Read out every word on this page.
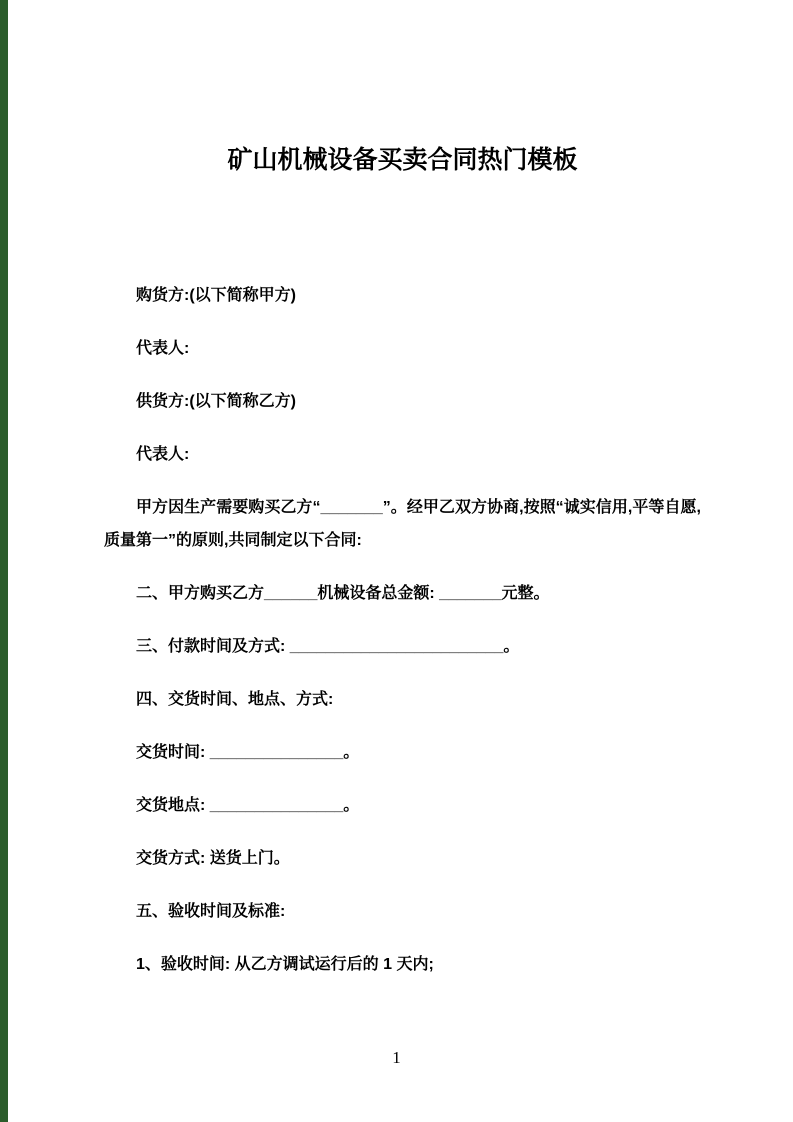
矿山机械设备买卖合同热门模板

购货方:(以下简称甲方)

代表人:

供货方:(以下简称乙方)

代表人:

甲方因生产需要购买乙方“_______”。经甲乙双方协商,按照“诚实信用,平等自愿,质量第一”的原则,共同制定以下合同:

二、甲方购买乙方______机械设备总金额: _______元整。

三、付款时间及方式: ________________________。

四、交货时间、地点、方式:

交货时间: _______________。

交货地点: _______________。

交货方式: 送货上门。

五、验收时间及标准:

1、验收时间: 从乙方调试运行后的 1 天内;

1
